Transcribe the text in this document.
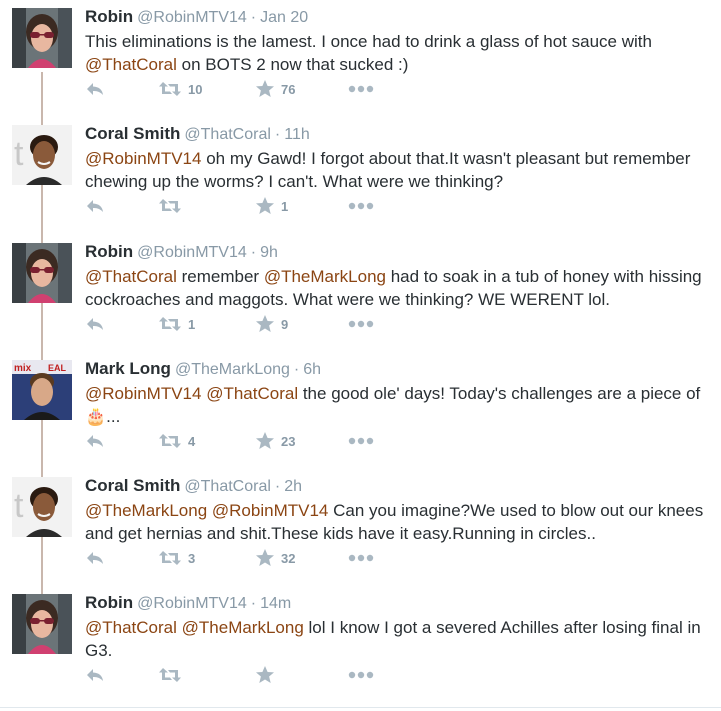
Robin @RobinMTV14 · Jan 20
This eliminations is the lamest. I once had to drink a glass of hot sauce with @ThatCoral on BOTS 2 now that sucked :)
10	76
t
Coral Smith @ThatCoral · 11h
@RobinMTV14 oh my Gawd! I forgot about that.It wasn't pleasant but remember chewing up the worms? I can't. What were we thinking?
1
Robin @RobinMTV14 · 9h
@ThatCoral remember @TheMarkLong had to soak in a tub of honey with hissing cockroaches and maggots. What were we thinking? WE WERENT lol.
1	9
mix EAL Mark Long @TheMarkLong · 6h
@RobinMTV14 @ThatCoral the good ole' days! Today's challenges are a piece of 🎂...
4	23
t
Coral Smith @ThatCoral · 2h
@TheMarkLong @RobinMTV14 Can you imagine?We used to blow out our knees and get hernias and shit.These kids have it easy.Running in circles..
3	32
Robin @RobinMTV14 · 14m
@ThatCoral @TheMarkLong lol I know I got a severed Achilles after losing final in G3.
